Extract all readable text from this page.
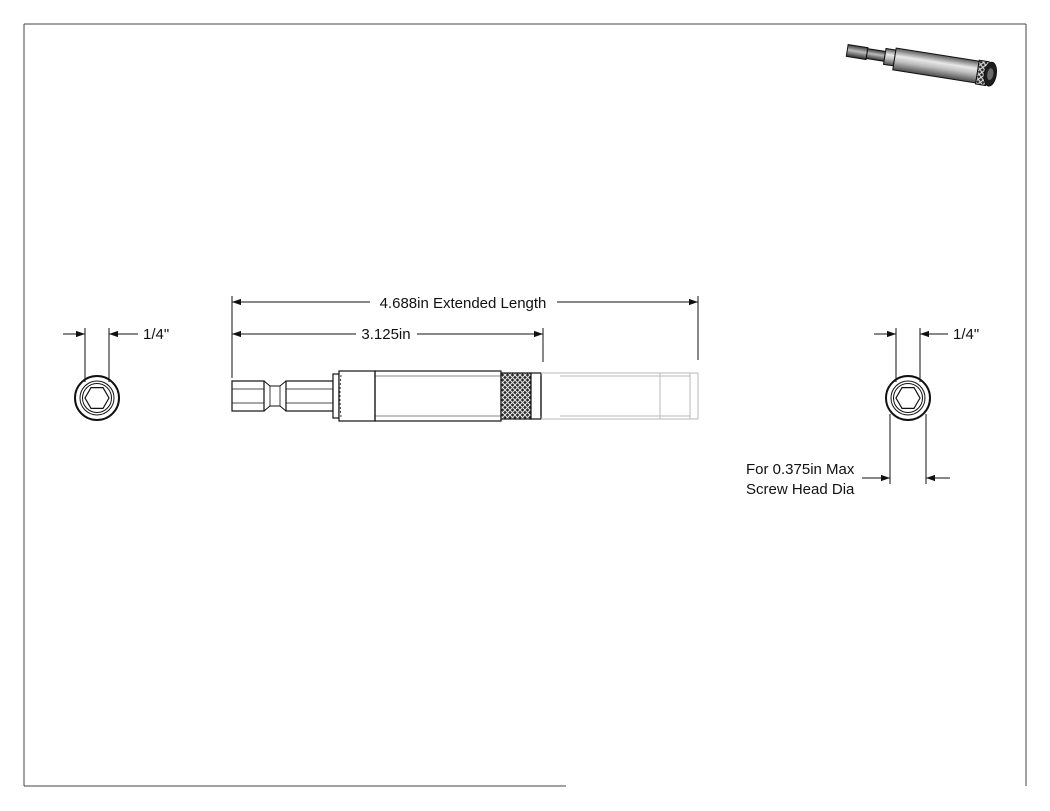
1/4"	1/4"
For 0.375in Max
Screw Head Dia
4.688in Extended Length
3.125in
